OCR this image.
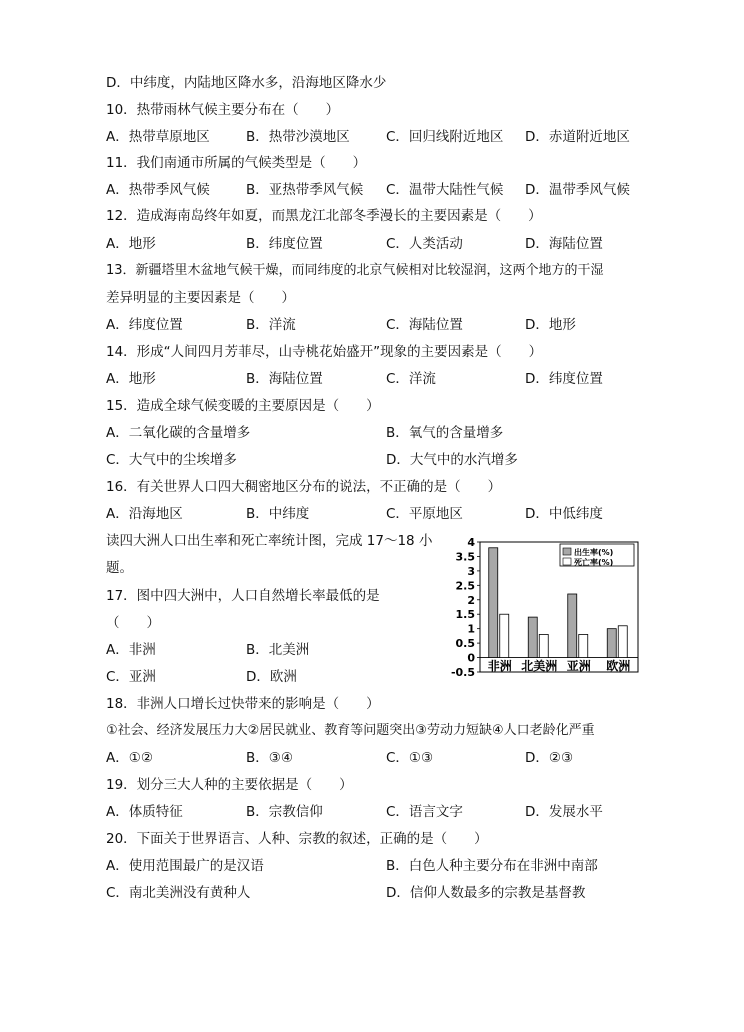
D．中纬度，内陆地区降水多，沿海地区降水少
10．热带雨林气候主要分布在（　　）
A．热带草原地区	B．热带沙漠地区	C．回归线附近地区 D．赤道附近地区
11．我们南通市所属的气候类型是（　　）
A．热带季风气候	B．亚热带季风气候 C．温带大陆性气候 D．温带季风气候
12．造成海南岛终年如夏，而黑龙江北部冬季漫长的主要因素是（　　）
A．地形	B．纬度位置	C．人类活动	D．海陆位置
13．新疆塔里木盆地气候干燥，而同纬度的北京气候相对比较湿润，这两个地方的干湿
差异明显的主要因素是（　　）
A．纬度位置	B．洋流	C．海陆位置	D．地形
14．形成“人间四月芳菲尽，山寺桃花始盛开”现象的主要因素是（　　）
A．地形	B．海陆位置	C．洋流	D．纬度位置
15．造成全球气候变暖的主要原因是（　　）
A．二氧化碳的含量增多	B．氧气的含量增多
C．大气中的尘埃增多	D．大气中的水汽增多
16．有关世界人口四大稠密地区分布的说法，不正确的是（　　）
A．沿海地区	B．中纬度	C．平原地区	D．中低纬度
读四大洲人口出生率和死亡率统计图，完成 17～18 小
题。
17．图中四大洲中，人口自然增长率最低的是
（　　）
A．非洲	B．北美洲
C．亚洲	D．欧洲
18．非洲人口增长过快带来的影响是（　　）
①社会、经济发展压力大②居民就业、教育等问题突出③劳动力短缺④人口老龄化严重
A．①②	B．③④	C．①③	D．②③
19．划分三大人种的主要依据是（　　）
A．体质特征	B．宗教信仰	C．语言文字	D．发展水平
20．下面关于世界语言、人种、宗教的叙述，正确的是（　　）
A．使用范围最广的是汉语	B．白色人种主要分布在非洲中南部
C．南北美洲没有黄种人	D．信仰人数最多的宗教是基督教
4
3.5
3
2.5
2
1.5
1
0.5
0
-0.5 非洲 北美洲 亚洲 欧洲
出生率(%)
死亡率(%)
